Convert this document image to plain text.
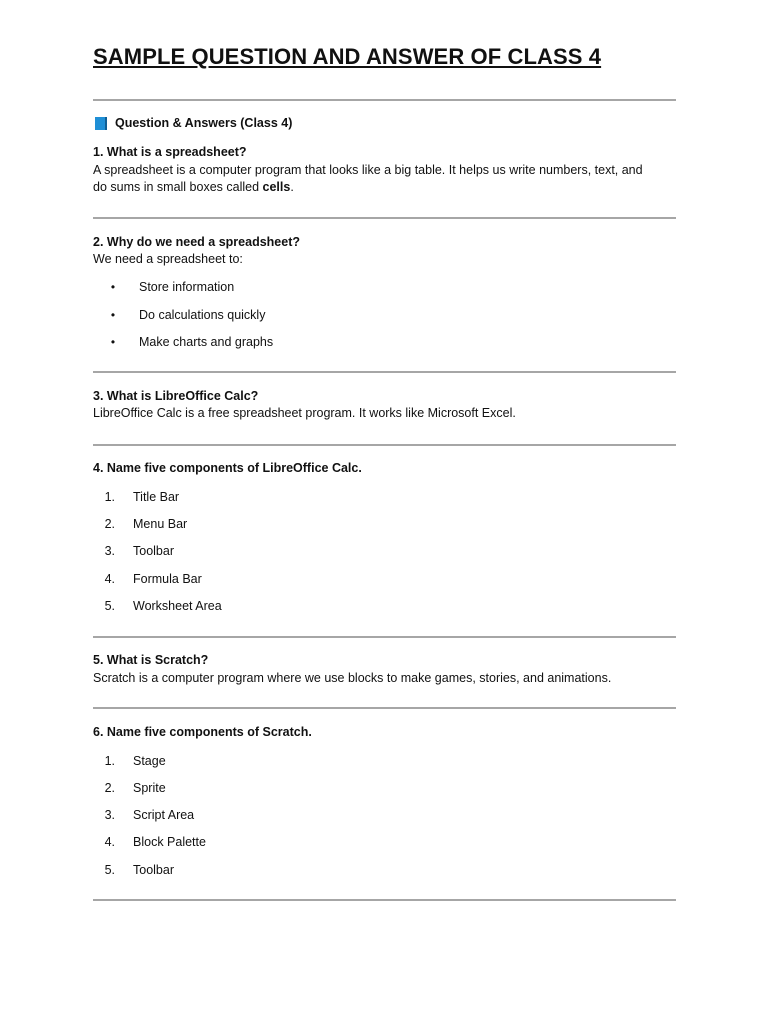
SAMPLE QUESTION AND ANSWER OF CLASS 4
Question & Answers (Class 4)
1. What is a spreadsheet?
A spreadsheet is a computer program that looks like a big table. It helps us write numbers, text, and
do sums in small boxes called cells.
2. Why do we need a spreadsheet?
We need a spreadsheet to:
•	Store information
•	Do calculations quickly
•	Make charts and graphs
3. What is LibreOffice Calc?
LibreOffice Calc is a free spreadsheet program. It works like Microsoft Excel.
4. Name five components of LibreOffice Calc.
1.	Title Bar
2.	Menu Bar
3.	Toolbar
4.	Formula Bar
5.	Worksheet Area
5. What is Scratch?
Scratch is a computer program where we use blocks to make games, stories, and animations.
6. Name five components of Scratch.
1.	Stage
2.	Sprite
3.	Script Area
4.	Block Palette
5.	Toolbar
